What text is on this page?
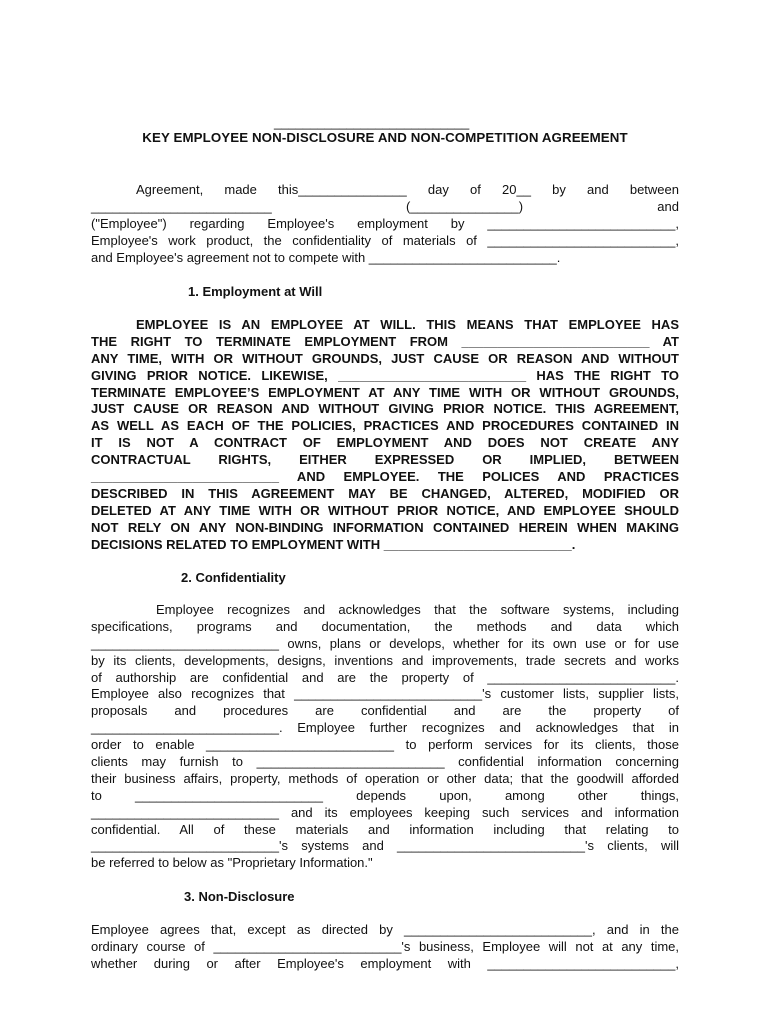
___________________________
KEY EMPLOYEE NON-DISCLOSURE AND NON-COMPETITION AGREEMENT
Agreement, made this_______________ day of 20__ by and between
_________________________ (_______________) and
("Employee") regarding Employee's employment by __________________________,
Employee's work product, the confidentiality of materials of __________________________,
and Employee's agreement not to compete with __________________________.
1. Employment at Will
EMPLOYEE IS AN EMPLOYEE AT WILL. THIS MEANS THAT EMPLOYEE HAS
THE RIGHT TO TERMINATE EMPLOYMENT FROM __________________________ AT
ANY TIME, WITH OR WITHOUT GROUNDS, JUST CAUSE OR REASON AND WITHOUT
GIVING PRIOR NOTICE. LIKEWISE, __________________________ HAS THE RIGHT TO
TERMINATE EMPLOYEE’S EMPLOYMENT AT ANY TIME WITH OR WITHOUT GROUNDS,
JUST CAUSE OR REASON AND WITHOUT GIVING PRIOR NOTICE. THIS AGREEMENT,
AS WELL AS EACH OF THE POLICIES, PRACTICES AND PROCEDURES CONTAINED IN
IT IS NOT A CONTRACT OF EMPLOYMENT AND DOES NOT CREATE ANY
CONTRACTUAL RIGHTS, EITHER EXPRESSED OR IMPLIED, BETWEEN
__________________________ AND EMPLOYEE. THE POLICES AND PRACTICES
DESCRIBED IN THIS AGREEMENT MAY BE CHANGED, ALTERED, MODIFIED OR
DELETED AT ANY TIME WITH OR WITHOUT PRIOR NOTICE, AND EMPLOYEE SHOULD
NOT RELY ON ANY NON-BINDING INFORMATION CONTAINED HEREIN WHEN MAKING
DECISIONS RELATED TO EMPLOYMENT WITH __________________________.
2. Confidentiality
Employee recognizes and acknowledges that the software systems, including
specifications, programs and documentation, the methods and data which
__________________________ owns, plans or develops, whether for its own use or for use
by its clients, developments, designs, inventions and improvements, trade secrets and works
of authorship are confidential and are the property of __________________________.
Employee also recognizes that __________________________'s customer lists, supplier lists,
proposals and procedures are confidential and are the property of
__________________________. Employee further recognizes and acknowledges that in
order to enable __________________________ to perform services for its clients, those
clients may furnish to __________________________ confidential information concerning
their business affairs, property, methods of operation or other data; that the goodwill afforded
to __________________________ depends upon, among other things,
__________________________ and its employees keeping such services and information
confidential. All of these materials and information including that relating to
__________________________'s systems and __________________________'s clients, will
be referred to below as "Proprietary Information."
3. Non-Disclosure
Employee agrees that, except as directed by __________________________, and in the
ordinary course of __________________________'s business, Employee will not at any time,
whether during or after Employee's employment with __________________________,
